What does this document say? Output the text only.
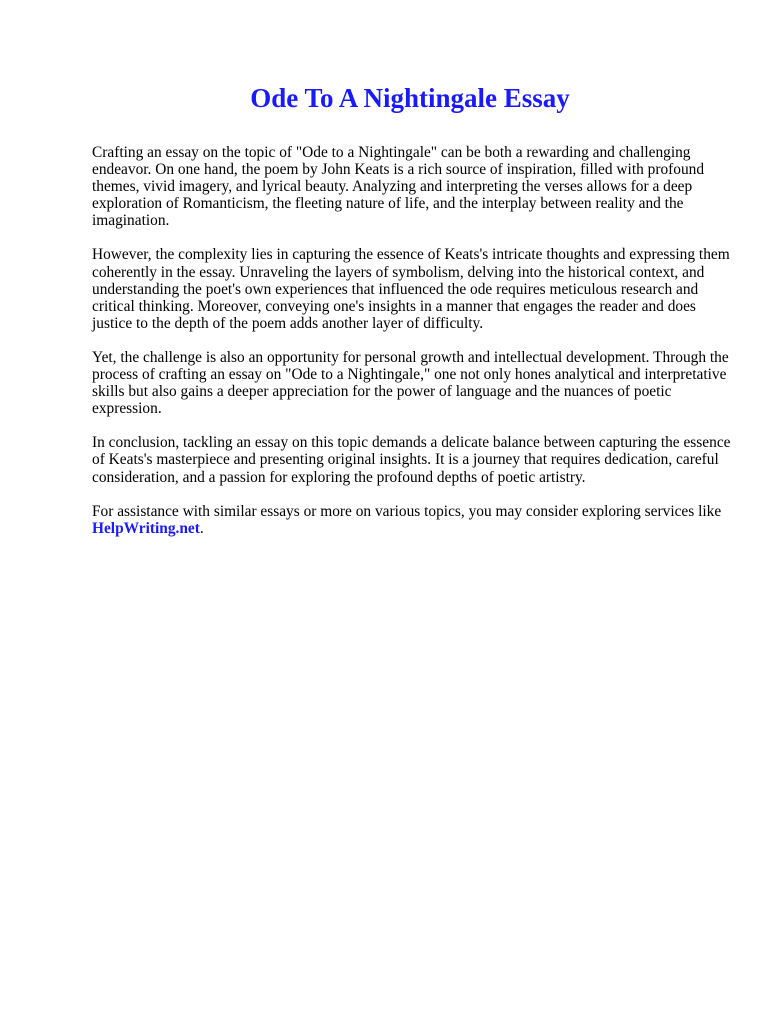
Ode To A Nightingale Essay

Crafting an essay on the topic of "Ode to a Nightingale" can be both a rewarding and challenging endeavor. On one hand, the poem by John Keats is a rich source of inspiration, filled with profound themes, vivid imagery, and lyrical beauty. Analyzing and interpreting the verses allows for a deep exploration of Romanticism, the fleeting nature of life, and the interplay between reality and the imagination.

However, the complexity lies in capturing the essence of Keats's intricate thoughts and expressing them coherently in the essay. Unraveling the layers of symbolism, delving into the historical context, and understanding the poet's own experiences that influenced the ode requires meticulous research and critical thinking. Moreover, conveying one's insights in a manner that engages the reader and does justice to the depth of the poem adds another layer of difficulty.

Yet, the challenge is also an opportunity for personal growth and intellectual development. Through the process of crafting an essay on "Ode to a Nightingale," one not only hones analytical and interpretative skills but also gains a deeper appreciation for the power of language and the nuances of poetic expression.

In conclusion, tackling an essay on this topic demands a delicate balance between capturing the essence of Keats's masterpiece and presenting original insights. It is a journey that requires dedication, careful consideration, and a passion for exploring the profound depths of poetic artistry.

For assistance with similar essays or more on various topics, you may consider exploring services like HelpWriting.net.
